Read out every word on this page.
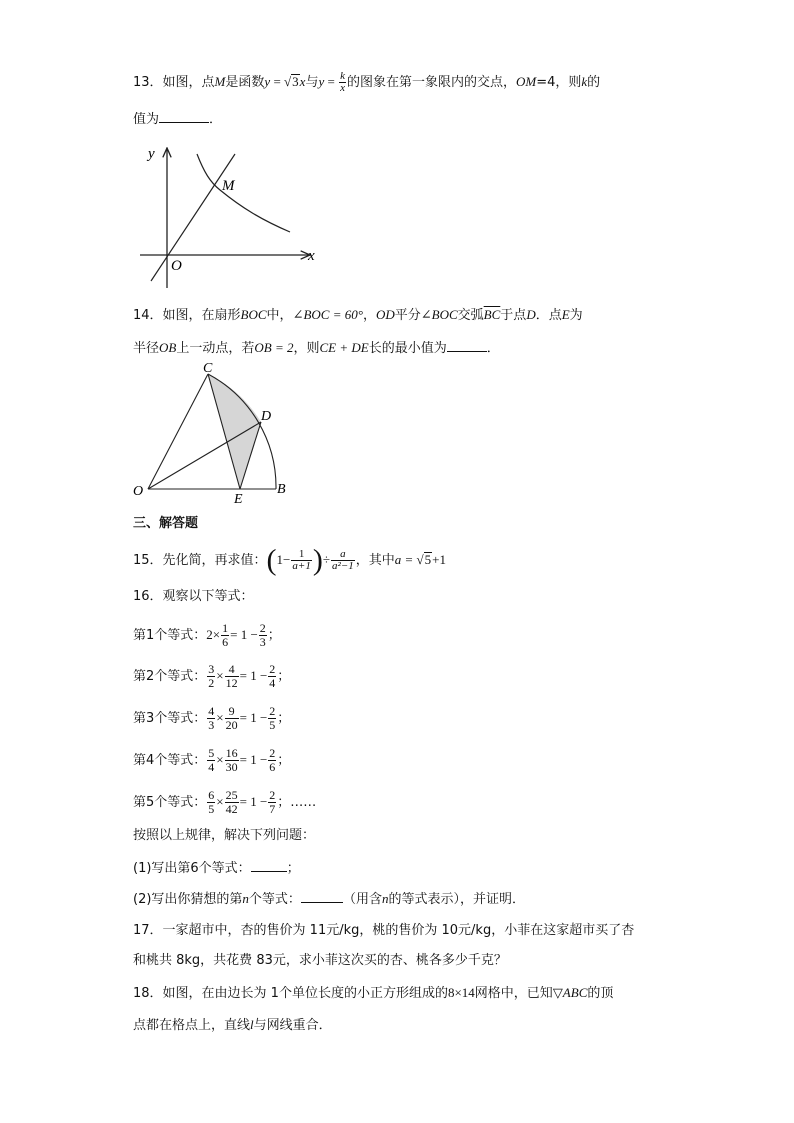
13．如图，点M是函数y = √3x与$y = \frac{k}{x}$ 的图象在第一象限内的交点，OM=4，则k的
值为	．
y
x
M
O
14．如图，在扇形BOC中，∠BOC = 60°，OD平分∠BOC交弧$\overline{BC}$于点D．点E为
半径OB上一动点，若OB = 2，则CE + DE长的最小值为	．
C
D
O
E
B
三、解答题
15．先化简，再求值：($1- \frac{1}{a+1}$ )÷ $\frac{a}{\text{a²−1}}$ ，其中a = √5+1
16．观察以下等式：
第1个等式：$2\times \frac{1}{6} = 1 - \frac{2}{3}$ ；
第2个等式： $\frac{3}{2} \times \frac{4}{12} = 1 - \frac{2}{4}$ ；
第3个等式： $\frac{4}{3} \times \frac{9}{20} = 1 - \frac{2}{5}$ ；
第4个等式： $\frac{5}{4} \times \frac{16}{30} = 1 - \frac{2}{6}$ ；
第5个等式： $\frac{6}{5} \times \frac{25}{42} = 1 - \frac{2}{7}$ ；……
按照以上规律，解决下列问题：
(1)写出第6个等式：	；
(2)写出你猜想的第n个等式：	（用含n的等式表示），并证明．
17．一家超市中，杏的售价为 11元/kg，桃的售价为 10元/kg，小菲在这家超市买了杏
和桃共 8kg，共花费 83元，求小菲这次买的杏、桃各多少千克？
18．如图，在由边长为 1个单位长度的小正方形组成的8×14网格中，已知▽ABC的顶
点都在格点上，直线l与网线重合．
